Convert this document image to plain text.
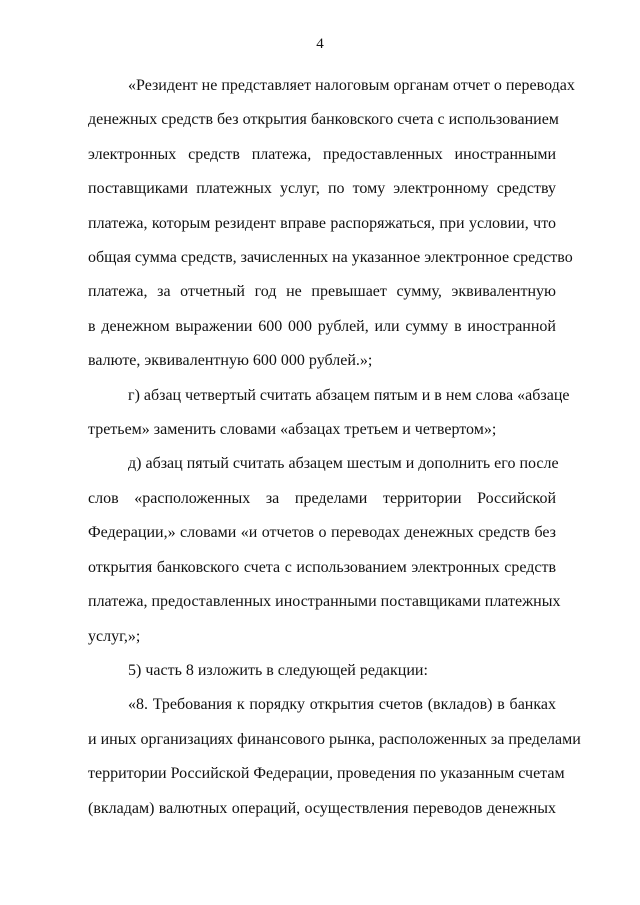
4
«Резидент не представляет налоговым органам отчет о переводах
денежных средств без открытия банковского счета с использованием
электронных средств платежа, предоставленных иностранными
поставщиками платежных услуг, по тому электронному средству
платежа, которым резидент вправе распоряжаться, при условии, что
общая сумма средств, зачисленных на указанное электронное средство
платежа, за отчетный год не превышает сумму, эквивалентную
в денежном выражении 600 000 рублей, или сумму в иностранной
валюте, эквивалентную 600 000 рублей.»;
г) абзац четвертый считать абзацем пятым и в нем слова «абзаце
третьем» заменить словами «абзацах третьем и четвертом»;
д) абзац пятый считать абзацем шестым и дополнить его после
слов «расположенных за пределами территории Российской
Федерации,» словами «и отчетов о переводах денежных средств без
открытия банковского счета с использованием электронных средств
платежа, предоставленных иностранными поставщиками платежных
услуг,»;
5) часть 8 изложить в следующей редакции:
«8. Требования к порядку открытия счетов (вкладов) в банках
и иных организациях финансового рынка, расположенных за пределами
территории Российской Федерации, проведения по указанным счетам
(вкладам) валютных операций, осуществления переводов денежных
